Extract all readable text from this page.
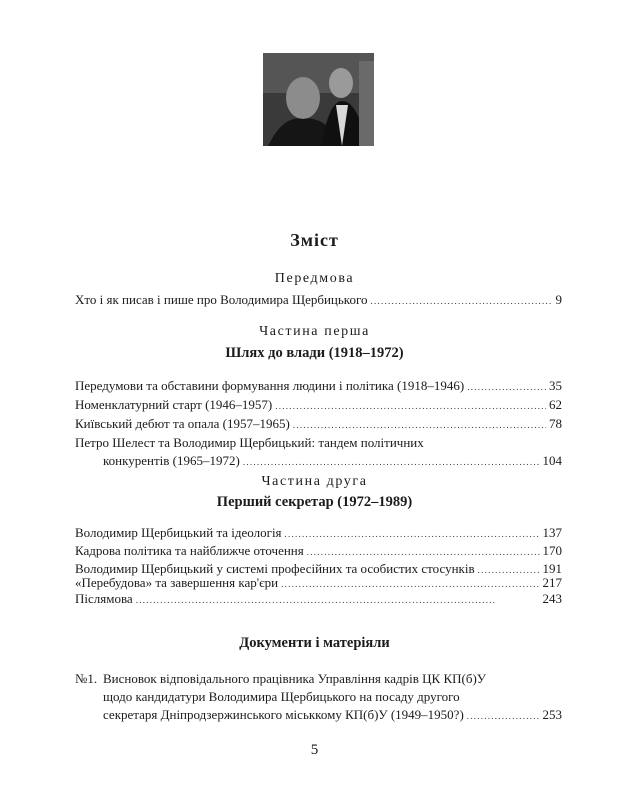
Зміст
Передмова
Хто і як писав і пише про Володимира Щербицького . . .	9
Частина перша
Шлях до влади (1918–1972)
Передумови та обставини формування людини і політика (1918–1946) . . .	35
Номенклатурний старт (1946–1957) . . .	62
Київський дебют та опала (1957–1965) . . .	78
Петро Шелест та Володимир Щербицький: тандем політичних
конкурентів (1965–1972) . . .	104
Частина друга
Перший секретар (1972–1989)
Володимир Щербицький та ідеологія . . .	137
Кадрова політика та найближче оточення . . .	170
Володимир Щербицький у системі професійних та особистих стосунків . . .	191
«Перебудова» та завершення кар'єри . . .	217
Післямова . . .	243
Документи і матеріяли
№1. Висновок відповідального працівника Управління кадрів ЦК КП(б)У
щодо кандидатури Володимира Щербицького на посаду другого
секретаря Дніпродзержинського міськкому КП(б)У (1949–1950?) . . .	253
5
